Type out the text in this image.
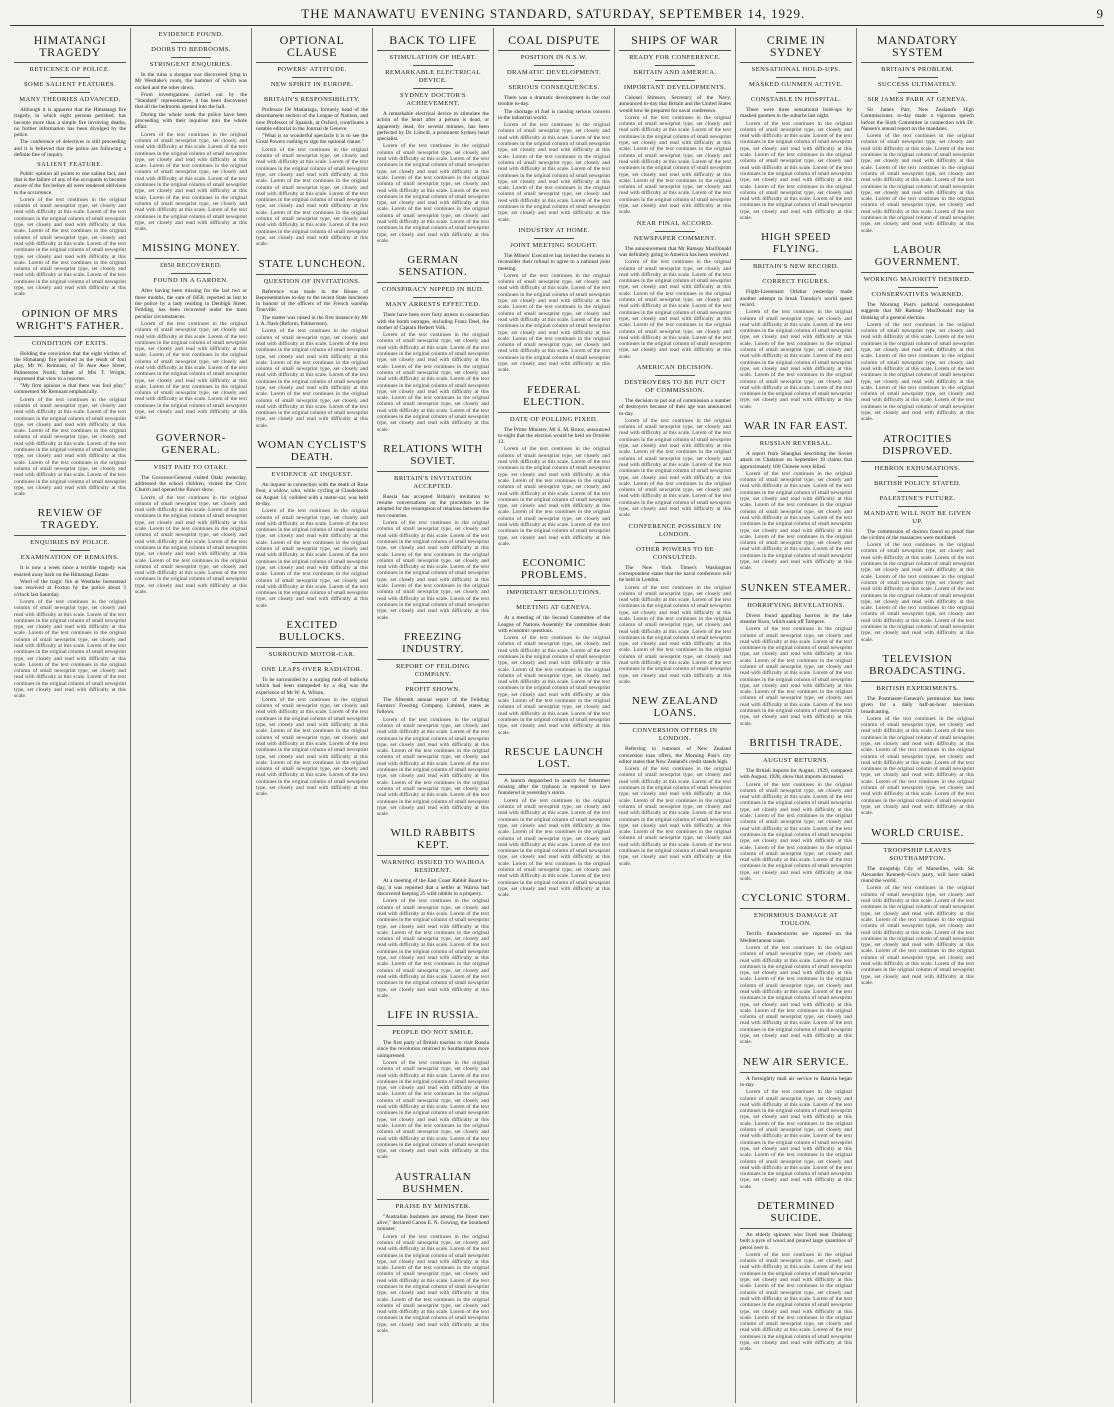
THE MANAWATU EVENING STANDARD, SATURDAY, SEPTEMBER 14, 1929.	9
HIMATANGI TRAGEDY
RETICENCE OF POLICE.
SOME SALIENT FEATURES.
MANY THEORIES ADVANCED.
Although it is apparent that the Himatangi fire tragedy, in which eight persons perished, has become more than a simple fire involving deaths, no further information has been divulged by the police.
The conference of detectives is still proceeding and it is believed that the police are following a definite line of inquiry.
SALIENT FEATURE.
Public opinion all points to one salient fact, and that is the failure of any of the occupants to become aware of the fire before all were rendered oblivious to the occurrence.
Lorem of the text continues in the original column of small newsprint type, set closely and read with difficulty at this scale. Lorem of the text continues in the original column of small newsprint type, set closely and read with difficulty at this scale. Lorem of the text continues in the original column of small newsprint type, set closely and read with difficulty at this scale. Lorem of the text continues in the original column of small newsprint type, set closely and read with difficulty at this scale. Lorem of the text continues in the original column of small newsprint type, set closely and read with difficulty at this scale. Lorem of the text continues in the original column of small newsprint type, set closely and read with difficulty at this scale.
OPINION OF MRS WRIGHT'S FATHER.
CONDITION OF EXITS.
Holding the conviction that the eight victims of the Himatangi fire perished as the result of foul play, Mr W. Remnant, of Te Awe Awe Street, Palmerston North, father of Mrs T. Wright, expressed that view to a reporter.
"My firm opinion is that there was foul play," commented Mr Remnant emphatically.
Lorem of the text continues in the original column of small newsprint type, set closely and read with difficulty at this scale. Lorem of the text continues in the original column of small newsprint type, set closely and read with difficulty at this scale. Lorem of the text continues in the original column of small newsprint type, set closely and read with difficulty at this scale. Lorem of the text continues in the original column of small newsprint type, set closely and read with difficulty at this scale. Lorem of the text continues in the original column of small newsprint type, set closely and read with difficulty at this scale. Lorem of the text continues in the original column of small newsprint type, set closely and read with difficulty at this scale.
REVIEW OF TRAGEDY.
ENQUIRIES BY POLICE.
EXAMINATION OF REMAINS.
It is now a week since a terrible tragedy was enacted away back on the Himatangi Estate.
Word of the tragic fire at Westlake homestead was received at Foxton by the police about 3 o'clock last Saturday.
Lorem of the text continues in the original column of small newsprint type, set closely and read with difficulty at this scale. Lorem of the text continues in the original column of small newsprint type, set closely and read with difficulty at this scale. Lorem of the text continues in the original column of small newsprint type, set closely and read with difficulty at this scale. Lorem of the text continues in the original column of small newsprint type, set closely and read with difficulty at this scale. Lorem of the text continues in the original column of small newsprint type, set closely and read with difficulty at this scale. Lorem of the text continues in the original column of small newsprint type, set closely and read with difficulty at this scale.
EVIDENCE FOUND.
DOORS TO BEDROOMS.
STRINGENT ENQUIRIES.
In the ruins a shotgun was discovered lying in Mr Westlake's room, the hammer of which was cocked and the other down.
From investigations carried out by the "Standard" representative, it has been discovered that all the bedrooms opened into the hall.
During the whole week the police have been proceeding with their inquiries into the whole affair.
Lorem of the text continues in the original column of small newsprint type, set closely and read with difficulty at this scale. Lorem of the text continues in the original column of small newsprint type, set closely and read with difficulty at this scale. Lorem of the text continues in the original column of small newsprint type, set closely and read with difficulty at this scale. Lorem of the text continues in the original column of small newsprint type, set closely and read with difficulty at this scale. Lorem of the text continues in the original column of small newsprint type, set closely and read with difficulty at this scale. Lorem of the text continues in the original column of small newsprint type, set closely and read with difficulty at this scale.
MISSING MONEY.
£850 RECOVERED.
FOUND IN A GARDEN.
After having been missing for the last two or three months, the sum of £850, reported as lost to the police by a lady residing in Denbigh Street, Feilding, has been recovered under the most peculiar circumstances.
Lorem of the text continues in the original column of small newsprint type, set closely and read with difficulty at this scale. Lorem of the text continues in the original column of small newsprint type, set closely and read with difficulty at this scale. Lorem of the text continues in the original column of small newsprint type, set closely and read with difficulty at this scale. Lorem of the text continues in the original column of small newsprint type, set closely and read with difficulty at this scale. Lorem of the text continues in the original column of small newsprint type, set closely and read with difficulty at this scale. Lorem of the text continues in the original column of small newsprint type, set closely and read with difficulty at this scale.
GOVERNOR-GENERAL.
VISIT PAID TO OTAKI.
The Governor-General visited Otaki yesterday, addressed the school children, visited the Civic Church and opened the flower show.
Lorem of the text continues in the original column of small newsprint type, set closely and read with difficulty at this scale. Lorem of the text continues in the original column of small newsprint type, set closely and read with difficulty at this scale. Lorem of the text continues in the original column of small newsprint type, set closely and read with difficulty at this scale. Lorem of the text continues in the original column of small newsprint type, set closely and read with difficulty at this scale. Lorem of the text continues in the original column of small newsprint type, set closely and read with difficulty at this scale. Lorem of the text continues in the original column of small newsprint type, set closely and read with difficulty at this scale.
OPTIONAL CLAUSE
POWERS' ATTITUDE.
NEW SPIRIT IN EUROPE.
BRITAIN'S RESPONSIBILITY.
Professor De Madariaga, formerly head of the disarmament section of the League of Nations, and now Professor of Spanish, at Oxford, contributes a notable editorial to the Journal de Geneve.
"What is so wonderful spectacle it is to see the Great Powers rushing to sign the optional clause."
Lorem of the text continues in the original column of small newsprint type, set closely and read with difficulty at this scale. Lorem of the text continues in the original column of small newsprint type, set closely and read with difficulty at this scale. Lorem of the text continues in the original column of small newsprint type, set closely and read with difficulty at this scale. Lorem of the text continues in the original column of small newsprint type, set closely and read with difficulty at this scale. Lorem of the text continues in the original column of small newsprint type, set closely and read with difficulty at this scale. Lorem of the text continues in the original column of small newsprint type, set closely and read with difficulty at this scale.
STATE LUNCHEON.
QUESTION OF INVITATIONS.
Reference was made in the House of Representatives to-day to the recent State luncheon in honour of the officers of the French warship Tourville.
The matter was raised in the first instance by Mr J. A. Nash (Reform, Palmerston).
Lorem of the text continues in the original column of small newsprint type, set closely and read with difficulty at this scale. Lorem of the text continues in the original column of small newsprint type, set closely and read with difficulty at this scale. Lorem of the text continues in the original column of small newsprint type, set closely and read with difficulty at this scale. Lorem of the text continues in the original column of small newsprint type, set closely and read with difficulty at this scale. Lorem of the text continues in the original column of small newsprint type, set closely and read with difficulty at this scale. Lorem of the text continues in the original column of small newsprint type, set closely and read with difficulty at this scale.
WOMAN CYCLIST'S DEATH.
EVIDENCE AT INQUEST.
An inquest in connection with the death of Rose Fear, a widow, who, while cycling at Claudelands on August 14, collided with a motor-car, was held to-day.
Lorem of the text continues in the original column of small newsprint type, set closely and read with difficulty at this scale. Lorem of the text continues in the original column of small newsprint type, set closely and read with difficulty at this scale. Lorem of the text continues in the original column of small newsprint type, set closely and read with difficulty at this scale. Lorem of the text continues in the original column of small newsprint type, set closely and read with difficulty at this scale. Lorem of the text continues in the original column of small newsprint type, set closely and read with difficulty at this scale. Lorem of the text continues in the original column of small newsprint type, set closely and read with difficulty at this scale.
EXCITED BULLOCKS.
SURROUND MOTOR-CAR.
ONE LEAPS OVER RADIATOR.
To be surrounded by a surging mob of bullocks which had been stampeded by a dog was the experience of Mr W. A. Wilson.
Lorem of the text continues in the original column of small newsprint type, set closely and read with difficulty at this scale. Lorem of the text continues in the original column of small newsprint type, set closely and read with difficulty at this scale. Lorem of the text continues in the original column of small newsprint type, set closely and read with difficulty at this scale. Lorem of the text continues in the original column of small newsprint type, set closely and read with difficulty at this scale. Lorem of the text continues in the original column of small newsprint type, set closely and read with difficulty at this scale. Lorem of the text continues in the original column of small newsprint type, set closely and read with difficulty at this scale.
BACK TO LIFE
STIMULATION OF HEART.
REMARKABLE ELECTRICAL DEVICE.
SYDNEY DOCTOR'S ACHIEVEMENT.
A remarkable electrical device to stimulate the action of the heart after a person is dead, or apparently dead, for several minutes, has been perfected by Dr. Lidwill, a prominent Sydney heart specialist.
Lorem of the text continues in the original column of small newsprint type, set closely and read with difficulty at this scale. Lorem of the text continues in the original column of small newsprint type, set closely and read with difficulty at this scale. Lorem of the text continues in the original column of small newsprint type, set closely and read with difficulty at this scale. Lorem of the text continues in the original column of small newsprint type, set closely and read with difficulty at this scale. Lorem of the text continues in the original column of small newsprint type, set closely and read with difficulty at this scale. Lorem of the text continues in the original column of small newsprint type, set closely and read with difficulty at this scale.
GERMAN SENSATION.
CONSPIRACY NIPPED IN BUD.
MANY ARRESTS EFFECTED.
There have been over forty arrests in connection with the bomb outrages, including Franz Doel, the mother of Captain Herbert Volk.
Lorem of the text continues in the original column of small newsprint type, set closely and read with difficulty at this scale. Lorem of the text continues in the original column of small newsprint type, set closely and read with difficulty at this scale. Lorem of the text continues in the original column of small newsprint type, set closely and read with difficulty at this scale. Lorem of the text continues in the original column of small newsprint type, set closely and read with difficulty at this scale. Lorem of the text continues in the original column of small newsprint type, set closely and read with difficulty at this scale. Lorem of the text continues in the original column of small newsprint type, set closely and read with difficulty at this scale.
RELATIONS WITH SOVIET.
BRITAIN'S INVITATION ACCEPTED.
Russia has accepted Britain's invitation to resume conversations on the procedure to be adopted for the resumption of relations between the two countries.
Lorem of the text continues in the original column of small newsprint type, set closely and read with difficulty at this scale. Lorem of the text continues in the original column of small newsprint type, set closely and read with difficulty at this scale. Lorem of the text continues in the original column of small newsprint type, set closely and read with difficulty at this scale. Lorem of the text continues in the original column of small newsprint type, set closely and read with difficulty at this scale. Lorem of the text continues in the original column of small newsprint type, set closely and read with difficulty at this scale. Lorem of the text continues in the original column of small newsprint type, set closely and read with difficulty at this scale.
FREEZING INDUSTRY.
REPORT OF FEILDING COMPANY.
PROFIT SHOWN.
The fifteenth annual report of the Feilding Farmers' Freezing Company, Limited, states as follows.
Lorem of the text continues in the original column of small newsprint type, set closely and read with difficulty at this scale. Lorem of the text continues in the original column of small newsprint type, set closely and read with difficulty at this scale. Lorem of the text continues in the original column of small newsprint type, set closely and read with difficulty at this scale. Lorem of the text continues in the original column of small newsprint type, set closely and read with difficulty at this scale. Lorem of the text continues in the original column of small newsprint type, set closely and read with difficulty at this scale. Lorem of the text continues in the original column of small newsprint type, set closely and read with difficulty at this scale.
WILD RABBITS KEPT.
WARNING ISSUED TO WAIROA RESIDENT.
At a meeting of the East Coast Rabbit Board to-day, it was reported that a settler at Wairoa had discovered keeping 25 wild rabbits in a property.
Lorem of the text continues in the original column of small newsprint type, set closely and read with difficulty at this scale. Lorem of the text continues in the original column of small newsprint type, set closely and read with difficulty at this scale. Lorem of the text continues in the original column of small newsprint type, set closely and read with difficulty at this scale. Lorem of the text continues in the original column of small newsprint type, set closely and read with difficulty at this scale. Lorem of the text continues in the original column of small newsprint type, set closely and read with difficulty at this scale. Lorem of the text continues in the original column of small newsprint type, set closely and read with difficulty at this scale.
LIFE IN RUSSIA.
PEOPLE DO NOT SMILE.
The first party of British tourists to visit Russia since the revolution returned to Southampton more unimpressed.
Lorem of the text continues in the original column of small newsprint type, set closely and read with difficulty at this scale. Lorem of the text continues in the original column of small newsprint type, set closely and read with difficulty at this scale. Lorem of the text continues in the original column of small newsprint type, set closely and read with difficulty at this scale. Lorem of the text continues in the original column of small newsprint type, set closely and read with difficulty at this scale. Lorem of the text continues in the original column of small newsprint type, set closely and read with difficulty at this scale. Lorem of the text continues in the original column of small newsprint type, set closely and read with difficulty at this scale.
AUSTRALIAN BUSHMEN.
PRAISE BY MINISTER.
"Australian bushmen are among the finest men alive," declared Canon E. N. Gowing, the Southend minister.
Lorem of the text continues in the original column of small newsprint type, set closely and read with difficulty at this scale. Lorem of the text continues in the original column of small newsprint type, set closely and read with difficulty at this scale. Lorem of the text continues in the original column of small newsprint type, set closely and read with difficulty at this scale. Lorem of the text continues in the original column of small newsprint type, set closely and read with difficulty at this scale. Lorem of the text continues in the original column of small newsprint type, set closely and read with difficulty at this scale. Lorem of the text continues in the original column of small newsprint type, set closely and read with difficulty at this scale.
COAL DISPUTE
POSITION IN N.S.W.
DRAMATIC DEVELOPMENT.
SERIOUS CONSEQUENCES.
There was a dramatic development in the coal trouble to-day.
The shortage of fuel is causing serious concern in the industrial world.
Lorem of the text continues in the original column of small newsprint type, set closely and read with difficulty at this scale. Lorem of the text continues in the original column of small newsprint type, set closely and read with difficulty at this scale. Lorem of the text continues in the original column of small newsprint type, set closely and read with difficulty at this scale. Lorem of the text continues in the original column of small newsprint type, set closely and read with difficulty at this scale. Lorem of the text continues in the original column of small newsprint type, set closely and read with difficulty at this scale. Lorem of the text continues in the original column of small newsprint type, set closely and read with difficulty at this scale.
INDUSTRY AT HOME.
JOINT MEETING SOUGHT.
The Miners' Executive has invited the owners to reconsider their refusal to agree to a national joint meeting.
Lorem of the text continues in the original column of small newsprint type, set closely and read with difficulty at this scale. Lorem of the text continues in the original column of small newsprint type, set closely and read with difficulty at this scale. Lorem of the text continues in the original column of small newsprint type, set closely and read with difficulty at this scale. Lorem of the text continues in the original column of small newsprint type, set closely and read with difficulty at this scale. Lorem of the text continues in the original column of small newsprint type, set closely and read with difficulty at this scale. Lorem of the text continues in the original column of small newsprint type, set closely and read with difficulty at this scale.
FEDERAL ELECTION.
DATE OF POLLING FIXED.
The Prime Minister, Mr S. M. Bruce, announced to-night that the election would be held on October 12.
Lorem of the text continues in the original column of small newsprint type, set closely and read with difficulty at this scale. Lorem of the text continues in the original column of small newsprint type, set closely and read with difficulty at this scale. Lorem of the text continues in the original column of small newsprint type, set closely and read with difficulty at this scale. Lorem of the text continues in the original column of small newsprint type, set closely and read with difficulty at this scale. Lorem of the text continues in the original column of small newsprint type, set closely and read with difficulty at this scale. Lorem of the text continues in the original column of small newsprint type, set closely and read with difficulty at this scale.
ECONOMIC PROBLEMS.
IMPORTANT RESOLUTIONS.
MEETING AT GENEVA.
At a meeting of the Second Committee of the League of Nations Assembly the committee dealt with economic questions.
Lorem of the text continues in the original column of small newsprint type, set closely and read with difficulty at this scale. Lorem of the text continues in the original column of small newsprint type, set closely and read with difficulty at this scale. Lorem of the text continues in the original column of small newsprint type, set closely and read with difficulty at this scale. Lorem of the text continues in the original column of small newsprint type, set closely and read with difficulty at this scale. Lorem of the text continues in the original column of small newsprint type, set closely and read with difficulty at this scale. Lorem of the text continues in the original column of small newsprint type, set closely and read with difficulty at this scale.
RESCUE LAUNCH LOST.
A launch despatched to search for fishermen missing after the typhoon is reported to have foundered in yesterday's storm.
Lorem of the text continues in the original column of small newsprint type, set closely and read with difficulty at this scale. Lorem of the text continues in the original column of small newsprint type, set closely and read with difficulty at this scale. Lorem of the text continues in the original column of small newsprint type, set closely and read with difficulty at this scale. Lorem of the text continues in the original column of small newsprint type, set closely and read with difficulty at this scale. Lorem of the text continues in the original column of small newsprint type, set closely and read with difficulty at this scale. Lorem of the text continues in the original column of small newsprint type, set closely and read with difficulty at this scale.
SHIPS OF WAR
READY FOR CONFERENCE.
BRITAIN AND AMERICA.
IMPORTANT DEVELOPMENTS.
Colonel Stimson, Secretary of the Navy, announced to-day that Britain and the United States would now be prepared for naval conference.
Lorem of the text continues in the original column of small newsprint type, set closely and read with difficulty at this scale. Lorem of the text continues in the original column of small newsprint type, set closely and read with difficulty at this scale. Lorem of the text continues in the original column of small newsprint type, set closely and read with difficulty at this scale. Lorem of the text continues in the original column of small newsprint type, set closely and read with difficulty at this scale. Lorem of the text continues in the original column of small newsprint type, set closely and read with difficulty at this scale. Lorem of the text continues in the original column of small newsprint type, set closely and read with difficulty at this scale.
NEAR FINAL ACCORD.
NEWSPAPER COMMENT.
The announcement that Mr Ramsay MacDonald was definitely going to America has been received.
Lorem of the text continues in the original column of small newsprint type, set closely and read with difficulty at this scale. Lorem of the text continues in the original column of small newsprint type, set closely and read with difficulty at this scale. Lorem of the text continues in the original column of small newsprint type, set closely and read with difficulty at this scale. Lorem of the text continues in the original column of small newsprint type, set closely and read with difficulty at this scale. Lorem of the text continues in the original column of small newsprint type, set closely and read with difficulty at this scale. Lorem of the text continues in the original column of small newsprint type, set closely and read with difficulty at this scale.
AMERICAN DECISION.
DESTROYERS TO BE PUT OUT OF COMMISSION.
The decision to put out of commission a number of destroyers because of their age was announced to-day.
Lorem of the text continues in the original column of small newsprint type, set closely and read with difficulty at this scale. Lorem of the text continues in the original column of small newsprint type, set closely and read with difficulty at this scale. Lorem of the text continues in the original column of small newsprint type, set closely and read with difficulty at this scale. Lorem of the text continues in the original column of small newsprint type, set closely and read with difficulty at this scale. Lorem of the text continues in the original column of small newsprint type, set closely and read with difficulty at this scale. Lorem of the text continues in the original column of small newsprint type, set closely and read with difficulty at this scale.
CONFERENCE POSSIBLY IN LONDON.
OTHER POWERS TO BE CONSULTED.
The New York Times's Washington correspondent states that the naval conference will be held in London.
Lorem of the text continues in the original column of small newsprint type, set closely and read with difficulty at this scale. Lorem of the text continues in the original column of small newsprint type, set closely and read with difficulty at this scale. Lorem of the text continues in the original column of small newsprint type, set closely and read with difficulty at this scale. Lorem of the text continues in the original column of small newsprint type, set closely and read with difficulty at this scale. Lorem of the text continues in the original column of small newsprint type, set closely and read with difficulty at this scale. Lorem of the text continues in the original column of small newsprint type, set closely and read with difficulty at this scale.
NEW ZEALAND LOANS.
CONVERSION OFFERS IN LONDON.
Referring to rumours of New Zealand conversion loan offers, the Morning Post's city editor states that New Zealand's credit stands high.
Lorem of the text continues in the original column of small newsprint type, set closely and read with difficulty at this scale. Lorem of the text continues in the original column of small newsprint type, set closely and read with difficulty at this scale. Lorem of the text continues in the original column of small newsprint type, set closely and read with difficulty at this scale. Lorem of the text continues in the original column of small newsprint type, set closely and read with difficulty at this scale. Lorem of the text continues in the original column of small newsprint type, set closely and read with difficulty at this scale. Lorem of the text continues in the original column of small newsprint type, set closely and read with difficulty at this scale.
CRIME IN SYDNEY
SENSATIONAL HOLD-UPS.
MASKED GUNMEN ACTIVE.
CONSTABLE IN HOSPITAL.
There were three sensational hold-ups by masked gunmen in the suburbs last night.
Lorem of the text continues in the original column of small newsprint type, set closely and read with difficulty at this scale. Lorem of the text continues in the original column of small newsprint type, set closely and read with difficulty at this scale. Lorem of the text continues in the original column of small newsprint type, set closely and read with difficulty at this scale. Lorem of the text continues in the original column of small newsprint type, set closely and read with difficulty at this scale. Lorem of the text continues in the original column of small newsprint type, set closely and read with difficulty at this scale. Lorem of the text continues in the original column of small newsprint type, set closely and read with difficulty at this scale.
HIGH SPEED FLYING.
BRITAIN'S NEW RECORD.
CORRECT FIGURES.
Flight-Lieutenant Orlebar yesterday made another attempt to break Tuesday's world speed record.
Lorem of the text continues in the original column of small newsprint type, set closely and read with difficulty at this scale. Lorem of the text continues in the original column of small newsprint type, set closely and read with difficulty at this scale. Lorem of the text continues in the original column of small newsprint type, set closely and read with difficulty at this scale. Lorem of the text continues in the original column of small newsprint type, set closely and read with difficulty at this scale. Lorem of the text continues in the original column of small newsprint type, set closely and read with difficulty at this scale. Lorem of the text continues in the original column of small newsprint type, set closely and read with difficulty at this scale.
WAR IN FAR EAST.
RUSSIAN REVERSAL.
A report from Shanghai describing the Soviet attack on Chalainor on September 10 claims that approximately 100 Chinese were killed.
Lorem of the text continues in the original column of small newsprint type, set closely and read with difficulty at this scale. Lorem of the text continues in the original column of small newsprint type, set closely and read with difficulty at this scale. Lorem of the text continues in the original column of small newsprint type, set closely and read with difficulty at this scale. Lorem of the text continues in the original column of small newsprint type, set closely and read with difficulty at this scale. Lorem of the text continues in the original column of small newsprint type, set closely and read with difficulty at this scale. Lorem of the text continues in the original column of small newsprint type, set closely and read with difficulty at this scale.
SUNKEN STEAMER.
HORRIFYING REVELATIONS.
Divers found appalling horrors in the lake steamer Kuru, which sank off Tampere.
Lorem of the text continues in the original column of small newsprint type, set closely and read with difficulty at this scale. Lorem of the text continues in the original column of small newsprint type, set closely and read with difficulty at this scale. Lorem of the text continues in the original column of small newsprint type, set closely and read with difficulty at this scale. Lorem of the text continues in the original column of small newsprint type, set closely and read with difficulty at this scale. Lorem of the text continues in the original column of small newsprint type, set closely and read with difficulty at this scale. Lorem of the text continues in the original column of small newsprint type, set closely and read with difficulty at this scale.
BRITISH TRADE.
AUGUST RETURNS.
The British imports for August, 1929, compared with August, 1928, show that imports increased.
Lorem of the text continues in the original column of small newsprint type, set closely and read with difficulty at this scale. Lorem of the text continues in the original column of small newsprint type, set closely and read with difficulty at this scale. Lorem of the text continues in the original column of small newsprint type, set closely and read with difficulty at this scale. Lorem of the text continues in the original column of small newsprint type, set closely and read with difficulty at this scale. Lorem of the text continues in the original column of small newsprint type, set closely and read with difficulty at this scale. Lorem of the text continues in the original column of small newsprint type, set closely and read with difficulty at this scale.
CYCLONIC STORM.
ENORMOUS DAMAGE AT TOULON.
Terrific thunderstorms are reported on the Mediterranean coast.
Lorem of the text continues in the original column of small newsprint type, set closely and read with difficulty at this scale. Lorem of the text continues in the original column of small newsprint type, set closely and read with difficulty at this scale. Lorem of the text continues in the original column of small newsprint type, set closely and read with difficulty at this scale. Lorem of the text continues in the original column of small newsprint type, set closely and read with difficulty at this scale. Lorem of the text continues in the original column of small newsprint type, set closely and read with difficulty at this scale. Lorem of the text continues in the original column of small newsprint type, set closely and read with difficulty at this scale.
NEW AIR SERVICE.
A fortnightly mail air service to Batavia began to-day.
Lorem of the text continues in the original column of small newsprint type, set closely and read with difficulty at this scale. Lorem of the text continues in the original column of small newsprint type, set closely and read with difficulty at this scale. Lorem of the text continues in the original column of small newsprint type, set closely and read with difficulty at this scale. Lorem of the text continues in the original column of small newsprint type, set closely and read with difficulty at this scale. Lorem of the text continues in the original column of small newsprint type, set closely and read with difficulty at this scale. Lorem of the text continues in the original column of small newsprint type, set closely and read with difficulty at this scale.
DETERMINED SUICIDE.
An elderly spinster who lived near Duisburg built a pyre of wood and poured large quantities of petrol over it.
Lorem of the text continues in the original column of small newsprint type, set closely and read with difficulty at this scale. Lorem of the text continues in the original column of small newsprint type, set closely and read with difficulty at this scale. Lorem of the text continues in the original column of small newsprint type, set closely and read with difficulty at this scale. Lorem of the text continues in the original column of small newsprint type, set closely and read with difficulty at this scale. Lorem of the text continues in the original column of small newsprint type, set closely and read with difficulty at this scale. Lorem of the text continues in the original column of small newsprint type, set closely and read with difficulty at this scale.
MANDATORY SYSTEM
BRITAIN'S PROBLEM.
SUCCESS ULTIMATELY.
SIR JAMES PARR AT GENEVA.
Sir James Parr, New Zealand's High Commissioner, to-day made a vigorous speech before the Sixth Committee in connection with Dr. Nansen's annual report on the mandates.
Lorem of the text continues in the original column of small newsprint type, set closely and read with difficulty at this scale. Lorem of the text continues in the original column of small newsprint type, set closely and read with difficulty at this scale. Lorem of the text continues in the original column of small newsprint type, set closely and read with difficulty at this scale. Lorem of the text continues in the original column of small newsprint type, set closely and read with difficulty at this scale. Lorem of the text continues in the original column of small newsprint type, set closely and read with difficulty at this scale. Lorem of the text continues in the original column of small newsprint type, set closely and read with difficulty at this scale.
LABOUR GOVERNMENT.
WORKING MAJORITY DESIRED.
CONSERVATIVES WARNED.
The Morning Post's political correspondent suggests that Mr Ramsay MacDonald may be thinking of a general election.
Lorem of the text continues in the original column of small newsprint type, set closely and read with difficulty at this scale. Lorem of the text continues in the original column of small newsprint type, set closely and read with difficulty at this scale. Lorem of the text continues in the original column of small newsprint type, set closely and read with difficulty at this scale. Lorem of the text continues in the original column of small newsprint type, set closely and read with difficulty at this scale. Lorem of the text continues in the original column of small newsprint type, set closely and read with difficulty at this scale. Lorem of the text continues in the original column of small newsprint type, set closely and read with difficulty at this scale.
ATROCITIES DISPROVED.
HEBRON EXHUMATIONS.
BRITISH POLICY STATED.
PALESTINE'S FUTURE.
MANDATE WILL NOT BE GIVEN UP.
The commission of doctors found no proof that the victims of the massacres were mutilated.
Lorem of the text continues in the original column of small newsprint type, set closely and read with difficulty at this scale. Lorem of the text continues in the original column of small newsprint type, set closely and read with difficulty at this scale. Lorem of the text continues in the original column of small newsprint type, set closely and read with difficulty at this scale. Lorem of the text continues in the original column of small newsprint type, set closely and read with difficulty at this scale. Lorem of the text continues in the original column of small newsprint type, set closely and read with difficulty at this scale. Lorem of the text continues in the original column of small newsprint type, set closely and read with difficulty at this scale.
TELEVISION BROADCASTING.
BRITISH EXPERIMENTS.
The Postmaster-General's permission has been given for a daily half-an-hour television broadcasting.
Lorem of the text continues in the original column of small newsprint type, set closely and read with difficulty at this scale. Lorem of the text continues in the original column of small newsprint type, set closely and read with difficulty at this scale. Lorem of the text continues in the original column of small newsprint type, set closely and read with difficulty at this scale. Lorem of the text continues in the original column of small newsprint type, set closely and read with difficulty at this scale. Lorem of the text continues in the original column of small newsprint type, set closely and read with difficulty at this scale. Lorem of the text continues in the original column of small newsprint type, set closely and read with difficulty at this scale.
WORLD CRUISE.
TROOPSHIP LEAVES SOUTHAMPTON.
The troopship City of Marseilles, with Sir Alexander Kennedy-Cox's party, will have sailed round the world.
Lorem of the text continues in the original column of small newsprint type, set closely and read with difficulty at this scale. Lorem of the text continues in the original column of small newsprint type, set closely and read with difficulty at this scale. Lorem of the text continues in the original column of small newsprint type, set closely and read with difficulty at this scale. Lorem of the text continues in the original column of small newsprint type, set closely and read with difficulty at this scale. Lorem of the text continues in the original column of small newsprint type, set closely and read with difficulty at this scale. Lorem of the text continues in the original column of small newsprint type, set closely and read with difficulty at this scale.
